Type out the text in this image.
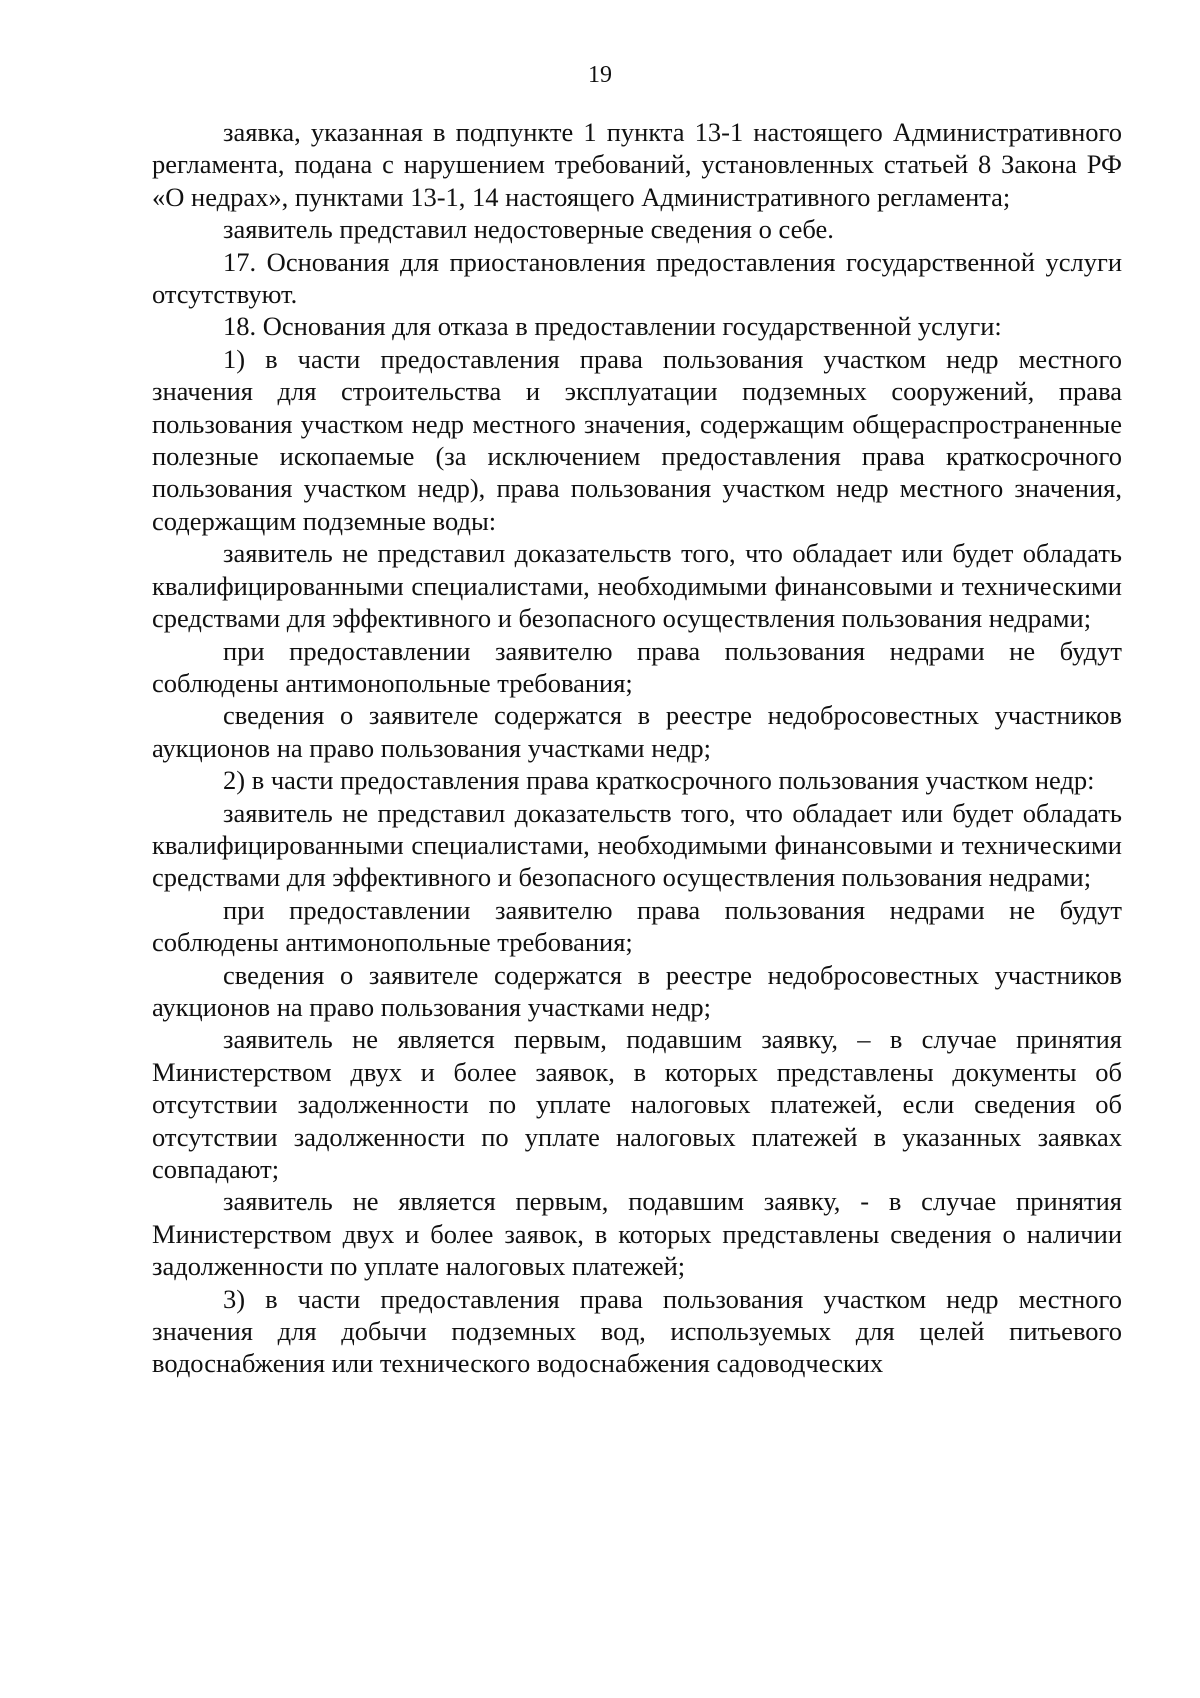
19

заявка, указанная в подпункте 1 пункта 13-1 настоящего Административного регламента, подана с нарушением требований, установленных статьей 8 Закона РФ «О недрах», пунктами 13-1, 14 настоящего Административного регламента;

заявитель представил недостоверные сведения о себе.

17. Основания для приостановления предоставления государственной услуги отсутствуют.

18. Основания для отказа в предоставлении государственной услуги:

1) в части предоставления права пользования участком недр местного значения для строительства и эксплуатации подземных сооружений, права пользования участком недр местного значения, содержащим общераспространенные полезные ископаемые (за исключением предоставления права краткосрочного пользования участком недр), права пользования участком недр местного значения, содержащим подземные воды:

заявитель не представил доказательств того, что обладает или будет обладать квалифицированными специалистами, необходимыми финансовыми и техническими средствами для эффективного и безопасного осуществления пользования недрами;

при предоставлении заявителю права пользования недрами не будут соблюдены антимонопольные требования;

сведения о заявителе содержатся в реестре недобросовестных участников аукционов на право пользования участками недр;

2) в части предоставления права краткосрочного пользования участком недр:

заявитель не представил доказательств того, что обладает или будет обладать квалифицированными специалистами, необходимыми финансовыми и техническими средствами для эффективного и безопасного осуществления пользования недрами;

при предоставлении заявителю права пользования недрами не будут соблюдены антимонопольные требования;

сведения о заявителе содержатся в реестре недобросовестных участников аукционов на право пользования участками недр;

заявитель не является первым, подавшим заявку, – в случае принятия Министерством двух и более заявок, в которых представлены документы об отсутствии задолженности по уплате налоговых платежей, если сведения об отсутствии задолженности по уплате налоговых платежей в указанных заявках совпадают;

заявитель не является первым, подавшим заявку, - в случае принятия Министерством двух и более заявок, в которых представлены сведения о наличии задолженности по уплате налоговых платежей;

3) в части предоставления права пользования участком недр местного значения для добычи подземных вод, используемых для целей питьевого водоснабжения или технического водоснабжения садоводческих
